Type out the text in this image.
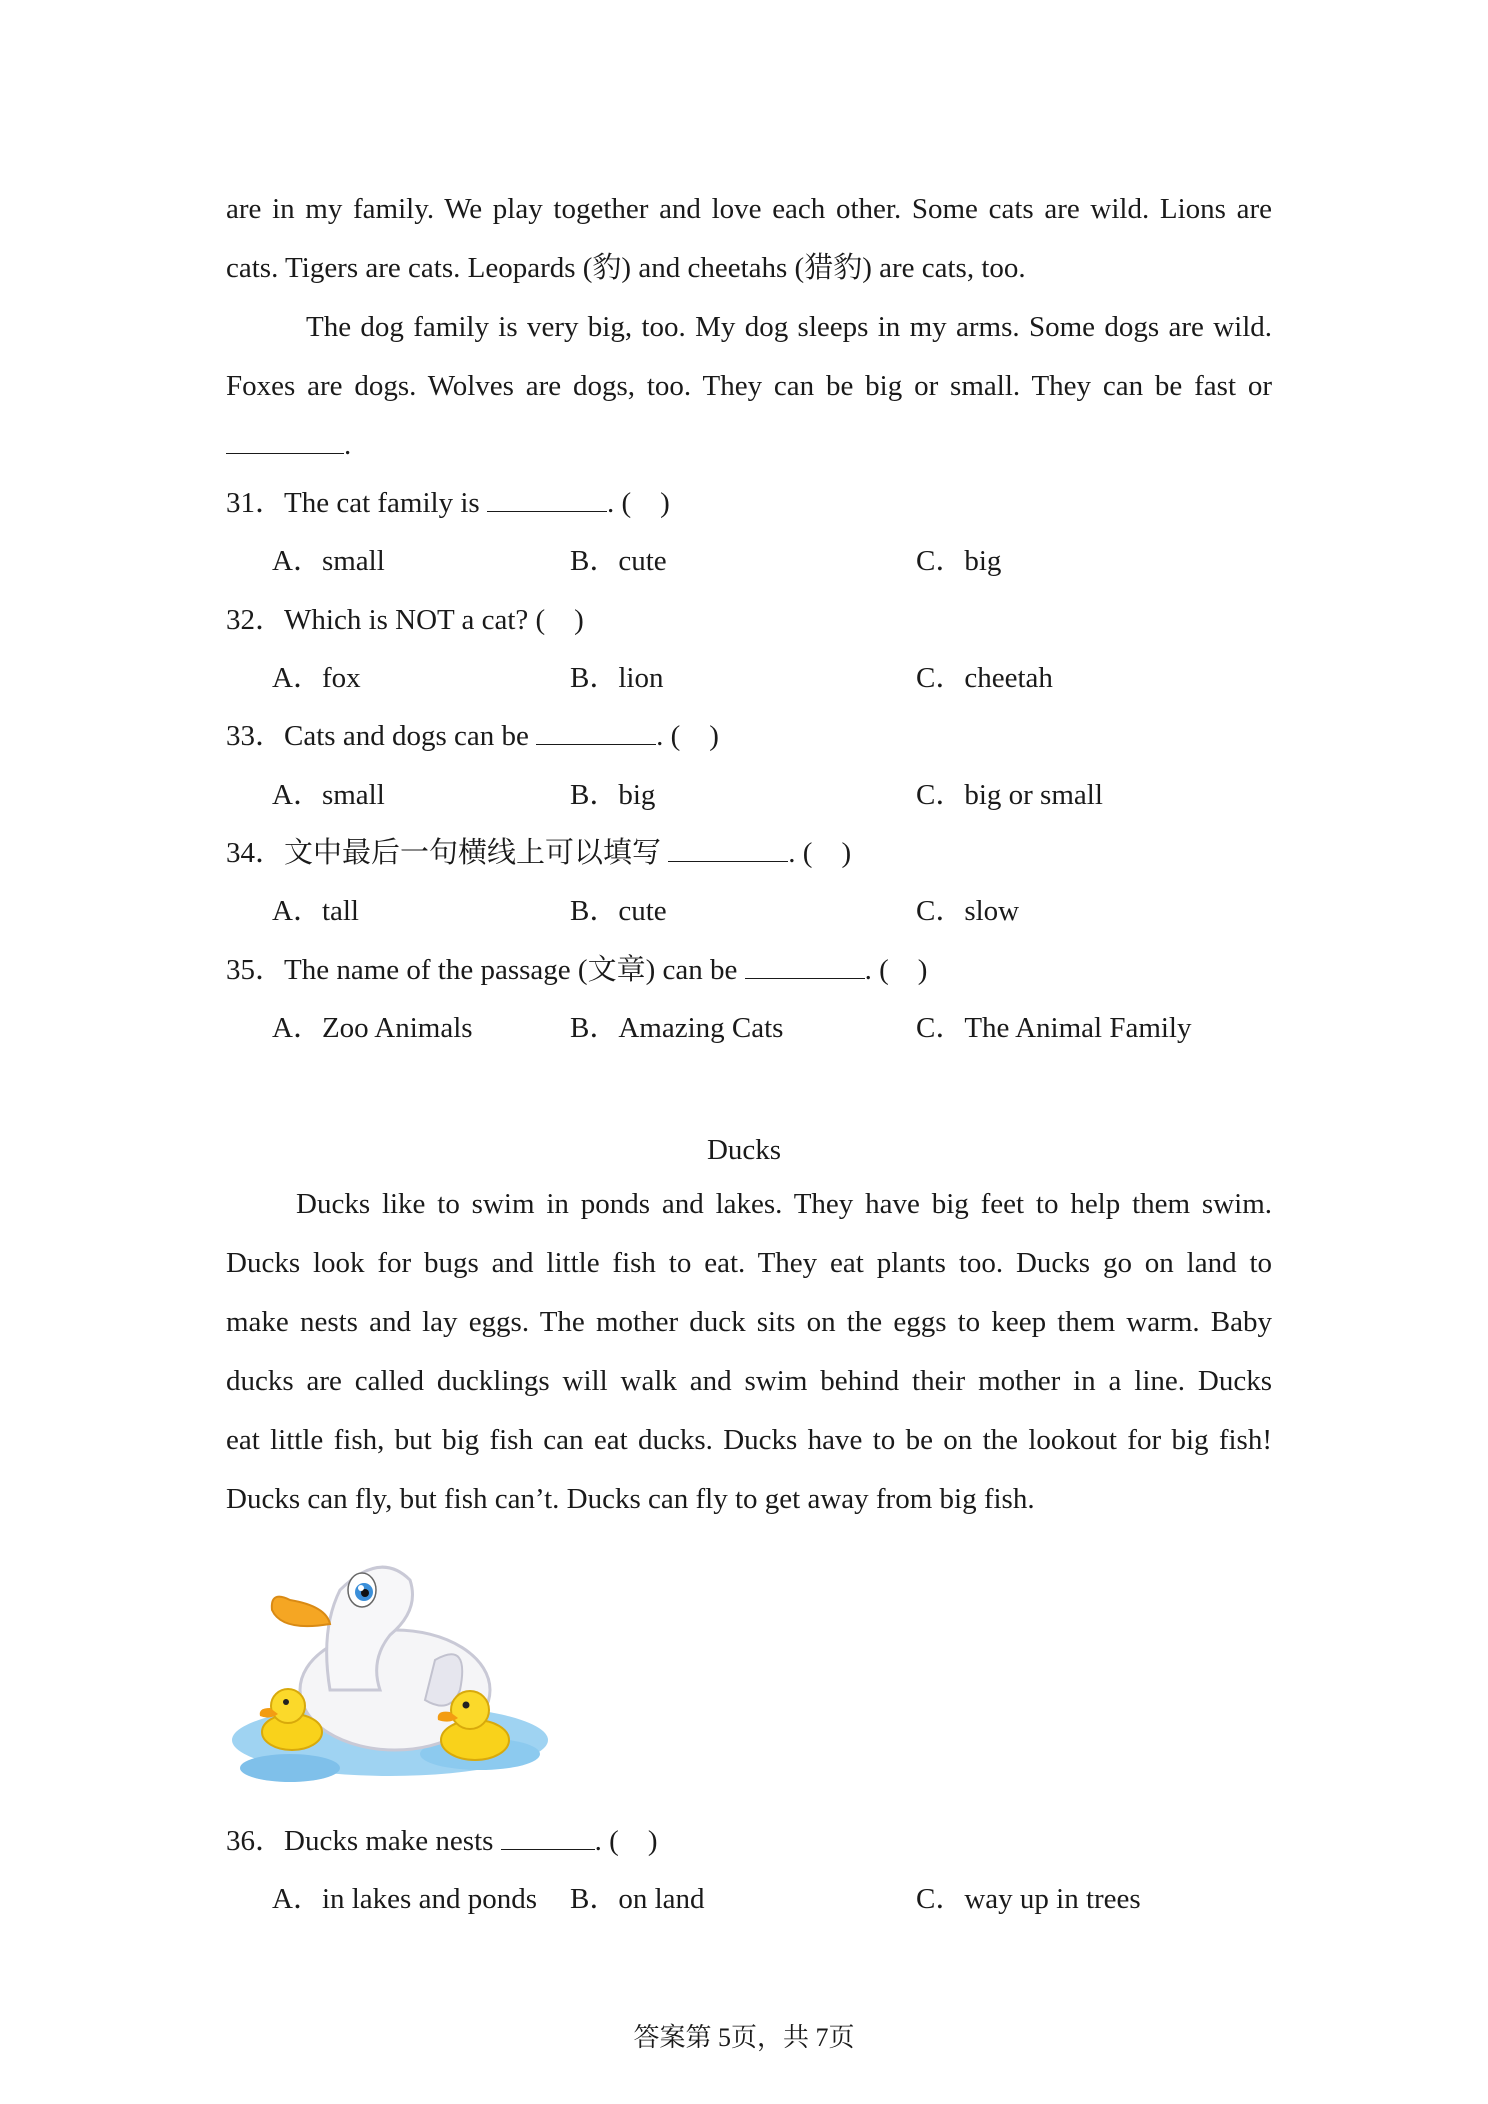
are in my family. We play together and love each other. Some cats are wild. Lions are
cats. Tigers are cats. Leopards (豹) and cheetahs (猎豹) are cats, too.
The dog family is very big, too. My dog sleeps in my arms. Some dogs are wild.
Foxes are dogs. Wolves are dogs, too. They can be big or small. They can be fast or
.
31．The cat family is	. (　)
A．small	B．cute	C．big
32．Which is NOT a cat? (　)
A．fox	B．lion	C．cheetah
33．Cats and dogs can be	. (　)
A．small	B．big	C．big or small
34．文中最后一句横线上可以填写	. (　)
A．tall	B．cute	C．slow
35．The name of the passage (文章) can be	. (　)
A．Zoo Animals	B．Amazing Cats	C．The Animal Family
Ducks
Ducks like to swim in ponds and lakes. They have big feet to help them swim.
Ducks look for bugs and little fish to eat. They eat plants too. Ducks go on land to
make nests and lay eggs. The mother duck sits on the eggs to keep them warm. Baby
ducks are called ducklings will walk and swim behind their mother in a line. Ducks
eat little fish, but big fish can eat ducks. Ducks have to be on the lookout for big fish!
Ducks can fly, but fish can’t. Ducks can fly to get away from big fish.
36．Ducks make nests	. (　)
A．in lakes and ponds B．on land	C．way up in trees
答案第 5页，共 7页
